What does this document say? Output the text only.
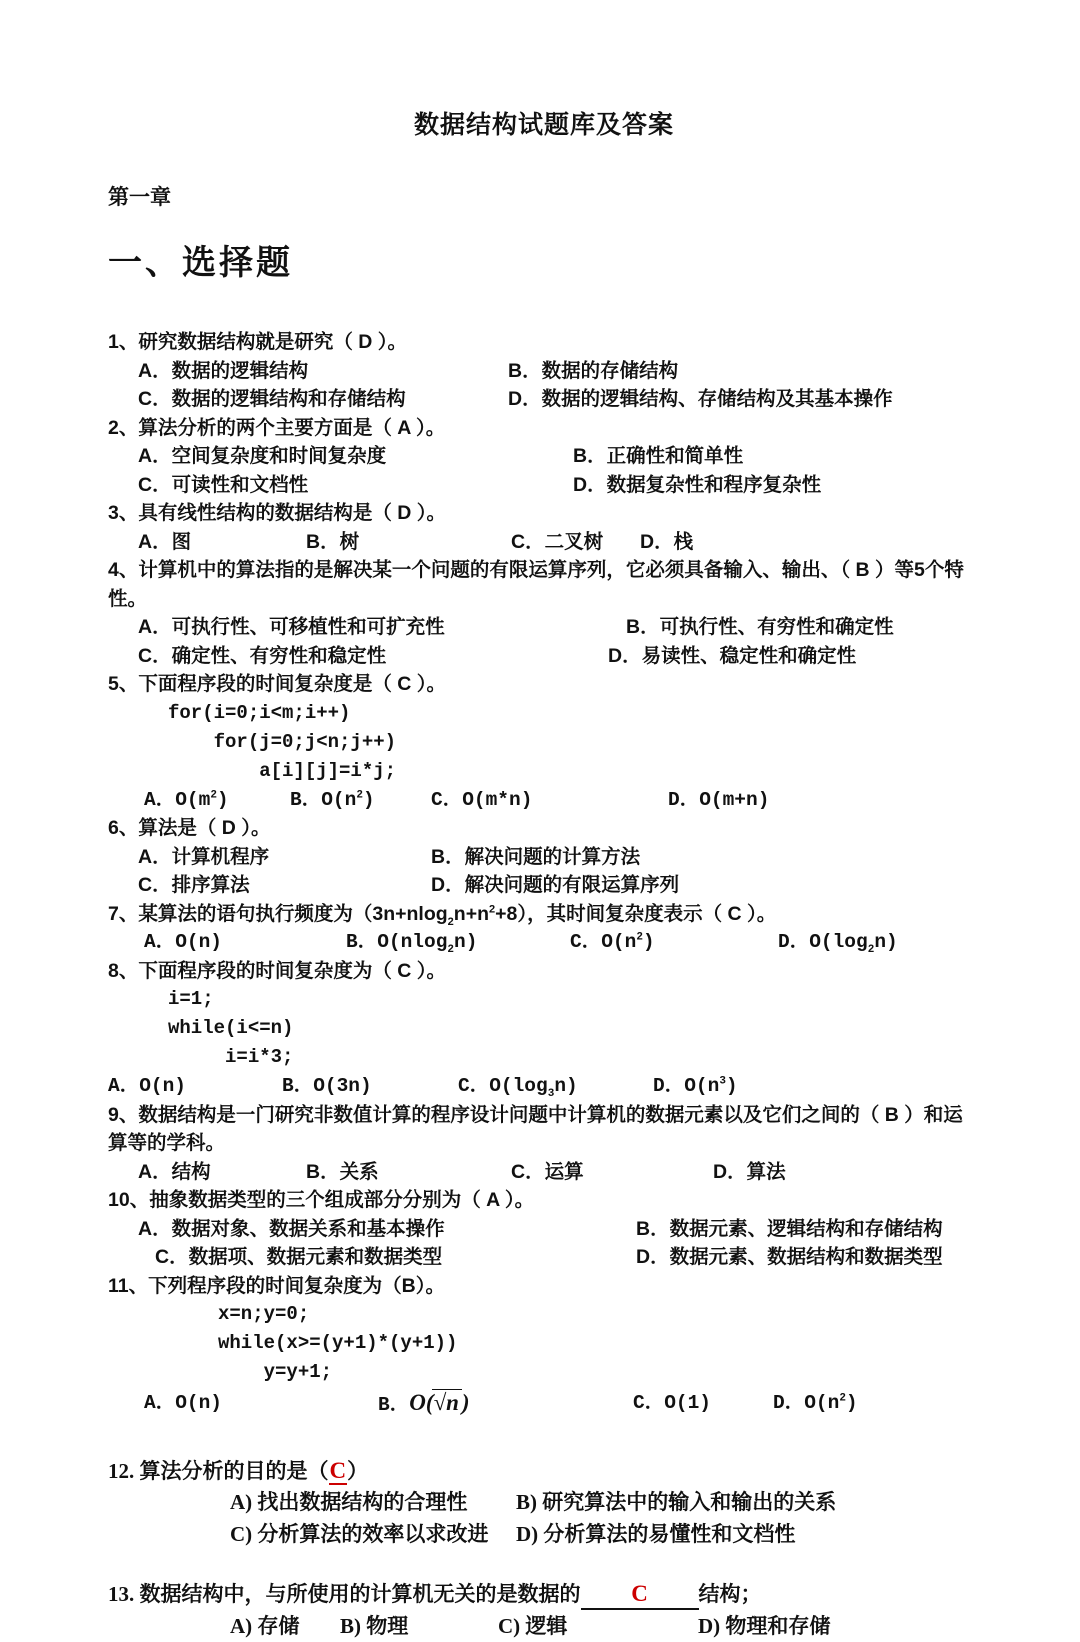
数据结构试题库及答案
第一章
一、选择题
1、研究数据结构就是研究（ D ）。
A．数据的逻辑结构	B．数据的存储结构
C．数据的逻辑结构和存储结构	D．数据的逻辑结构、存储结构及其基本操作
2、算法分析的两个主要方面是（ A ）。
A．空间复杂度和时间复杂度	B．正确性和简单性
C．可读性和文档性	D．数据复杂性和程序复杂性
3、具有线性结构的数据结构是（ D ）。
A．图	B．树	C．二叉树 D．栈
4、计算机中的算法指的是解决某一个问题的有限运算序列，它必须具备输入、输出、（ B ）等5个特性。
A．可执行性、可移植性和可扩充性	B．可执行性、有穷性和确定性
C．确定性、有穷性和稳定性	D．易读性、稳定性和确定性
5、下面程序段的时间复杂度是（ C ）。
for(i=0;i<m;i++)
for(j=0;j<n;j++)
a[i][j]=i*j;
A．$O(m^2)$	B．$O(n^2)$	C．O(m*n)	D．O(m+n)
6、算法是（ D ）。
A．计算机程序	B．解决问题的计算方法
C．排序算法	D．解决问题的有限运算序列
7、某算法的语句执行频度为$(3n+nlog_2n+n^2+8)$，其时间复杂度表示（ C ）。
A．O(n)	B．O(nlog$_2$n)	C．$O(n^2)$	D．$O(\log_2n)$
8、下面程序段的时间复杂度为（ C ）。
i=1;
while(i<=n)
i=i*3;
A．O(n)	B．O(3n)	C．$O(\log_3n)$	D．$O(n^3)$
9、数据结构是一门研究非数值计算的程序设计问题中计算机的数据元素以及它们之间的（ B ）和运算等的学科。
A．结构	B．关系	C．运算	D．算法
10、抽象数据类型的三个组成部分分别为（ A ）。
A．数据对象、数据关系和基本操作	B．数据元素、逻辑结构和存储结构
C．数据项、数据元素和数据类型	D．数据元素、数据结构和数据类型
11、下列程序段的时间复杂度为（B）。
x=n;y=0;
while(x>=(y+1)*(y+1))
y=y+1;
A．O(n)	B．O(√n )	C．O(1)	D．$O(n^2)$
12. 算法分析的目的是（C）
A) 找出数据结构的合理性 B) 研究算法中的输入和输出的关系
C) 分析算法的效率以求改进 D) 分析算法的易懂性和文档性
13. 数据结构中，与所使用的计算机无关的是数据的 C 结构；
A) 存储 B) 物理	C) 逻辑	D) 物理和存储
